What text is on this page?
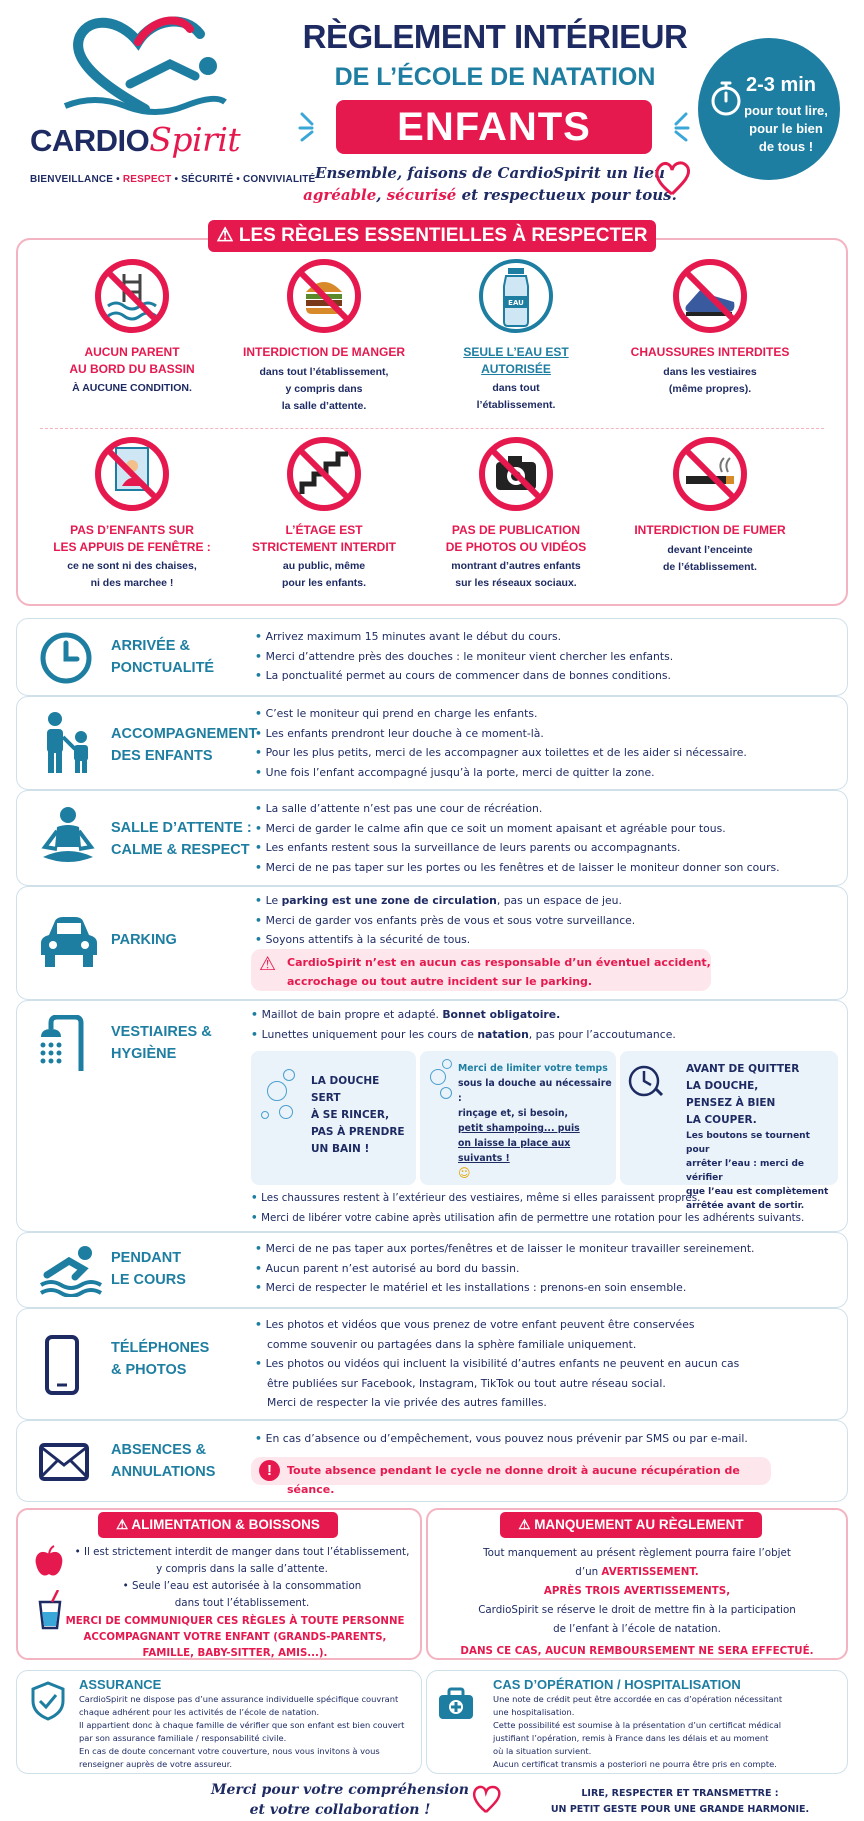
CARDIOSpirit
BIENVEILLANCE • RESPECT • SÉCURITÉ • CONVIVIALITÉ
RÈGLEMENT INTÉRIEUR
DE L’ÉCOLE DE NATATION
ENFANTS
Ensemble, faisons de CardioSpirit un lieu
agréable, sécurisé et respectueux pour tous.
2-3 min
pour tout lire, pour le bien de tous !
⚠ LES RÈGLES ESSENTIELLES À RESPECTER
AUCUN PARENT
AU BORD DU BASSIN
À AUCUNE CONDITION.
INTERDICTION DE MANGER
dans tout l’établissement,
y compris dans
la salle d’attente.
EAU
SEULE L’EAU EST
AUTORISÉE
dans tout
l’établissement.
CHAUSSURES INTERDITES
dans les vestiaires
(même propres).
PAS D’ENFANTS SUR
LES APPUIS DE FENÊTRE :
ce ne sont ni des chaises,
ni des marchee !
L’ÉTAGE EST
STRICTEMENT INTERDIT
au public, même
pour les enfants.
PAS DE PUBLICATION
DE PHOTOS OU VIDÉOS
montrant d’autres enfants
sur les réseaux sociaux.
INTERDICTION DE FUMER
devant l’enceinte
de l’établissement.
ARRIVÉE &
PONCTUALITÉ
• Arrivez maximum 15 minutes avant le début du cours.
• Merci d’attendre près des douches : le moniteur vient chercher les enfants.
• La ponctualité permet au cours de commencer dans de bonnes conditions.
ACCOMPAGNEMENT
DES ENFANTS
• C’est le moniteur qui prend en charge les enfants.
• Les enfants prendront leur douche à ce moment-là.
• Pour les plus petits, merci de les accompagner aux toilettes et de les aider si nécessaire.
• Une fois l’enfant accompagné jusqu’à la porte, merci de quitter la zone.
SALLE D’ATTENTE :
CALME & RESPECT
• La salle d’attente n’est pas une cour de récréation.
• Merci de garder le calme afin que ce soit un moment apaisant et agréable pour tous.
• Les enfants restent sous la surveillance de leurs parents ou accompagnants.
• Merci de ne pas taper sur les portes ou les fenêtres et de laisser le moniteur donner son cours.
PARKING
• Le parking est une zone de circulation, pas un espace de jeu.
• Merci de garder vos enfants près de vous et sous votre surveillance.
• Soyons attentifs à la sécurité de tous.
⚠ CardioSpirit n’est en aucun cas responsable d’un éventuel accident,
accrochage ou tout autre incident sur le parking.
VESTIAIRES &
HYGIÈNE
• Maillot de bain propre et adapté. Bonnet obligatoire.
• Lunettes uniquement pour les cours de natation, pas pour l’accoutumance.
LA DOUCHE SERT
À SE RINCER,
PAS À PRENDRE
UN BAIN !
Merci de limiter votre temps
sous la douche au nécessaire :
rinçage et, si besoin,
petit shampoing... puis
on laisse la place aux suivants !
☺
AVANT DE QUITTER
LA DOUCHE,
PENSEZ À BIEN
LA COUPER.
Les boutons se tournent pour
arrêter l’eau : merci de vérifier
que l’eau est complètement
arrêtée avant de sortir.
• Les chaussures restent à l’extérieur des vestiaires, même si elles paraissent propres.
• Merci de libérer votre cabine après utilisation afin de permettre une rotation pour les adhérents suivants.
PENDANT
LE COURS
• Merci de ne pas taper aux portes/fenêtres et de laisser le moniteur travailler sereinement.
• Aucun parent n’est autorisé au bord du bassin.
• Merci de respecter le matériel et les installations : prenons-en soin ensemble.
TÉLÉPHONES
& PHOTOS
• Les photos et vidéos que vous prenez de votre enfant peuvent être conservées
comme souvenir ou partagées dans la sphère familiale uniquement.
• Les photos ou vidéos qui incluent la visibilité d’autres enfants ne peuvent en aucun cas
être publiées sur Facebook, Instagram, TikTok ou tout autre réseau social.
Merci de respecter la vie privée des autres familles.
ABSENCES &
ANNULATIONS
• En cas d’absence ou d’empêchement, vous pouvez nous prévenir par SMS ou par e-mail.
!	Toute absence pendant le cycle ne donne droit à aucune récupération de séance.
⚠ ALIMENTATION & BOISSONS
• Il est strictement interdit de manger dans tout l’établissement,
y compris dans la salle d’attente.
• Seule l’eau est autorisée à la consommation
dans tout l’établissement.
MERCI DE COMMUNIQUER CES RÈGLES À TOUTE PERSONNE
ACCOMPAGNANT VOTRE ENFANT (GRANDS-PARENTS,
FAMILLE, BABY-SITTER, AMIS...).
⚠ MANQUEMENT AU RÈGLEMENT
Tout manquement au présent règlement pourra faire l’objet
d’un AVERTISSEMENT.
APRÈS TROIS AVERTISSEMENTS,
CardioSpirit se réserve le droit de mettre fin à la participation
de l’enfant à l’école de natation.
DANS CE CAS, AUCUN REMBOURSEMENT NE SERA EFFECTUÉ.
ASSURANCE
CardioSpirit ne dispose pas d’une assurance individuelle spécifique couvrant
chaque adhérent pour les activités de l’école de natation.
Il appartient donc à chaque famille de vérifier que son enfant est bien couvert
par son assurance familiale / responsabilité civile.
En cas de doute concernant votre couverture, nous vous invitons à vous
renseigner auprès de votre assureur.
CAS D’OPÉRATION / HOSPITALISATION
Une note de crédit peut être accordée en cas d’opération nécessitant
une hospitalisation.
Cette possibilité est soumise à la présentation d’un certificat médical
justifiant l’opération, remis à France dans les délais et au moment
où la situation survient.
Aucun certificat transmis a posteriori ne pourra être pris en compte.
Merci pour votre compréhension
et votre collaboration !
LIRE, RESPECTER ET TRANSMETTRE :
UN PETIT GESTE POUR UNE GRANDE HARMONIE.
